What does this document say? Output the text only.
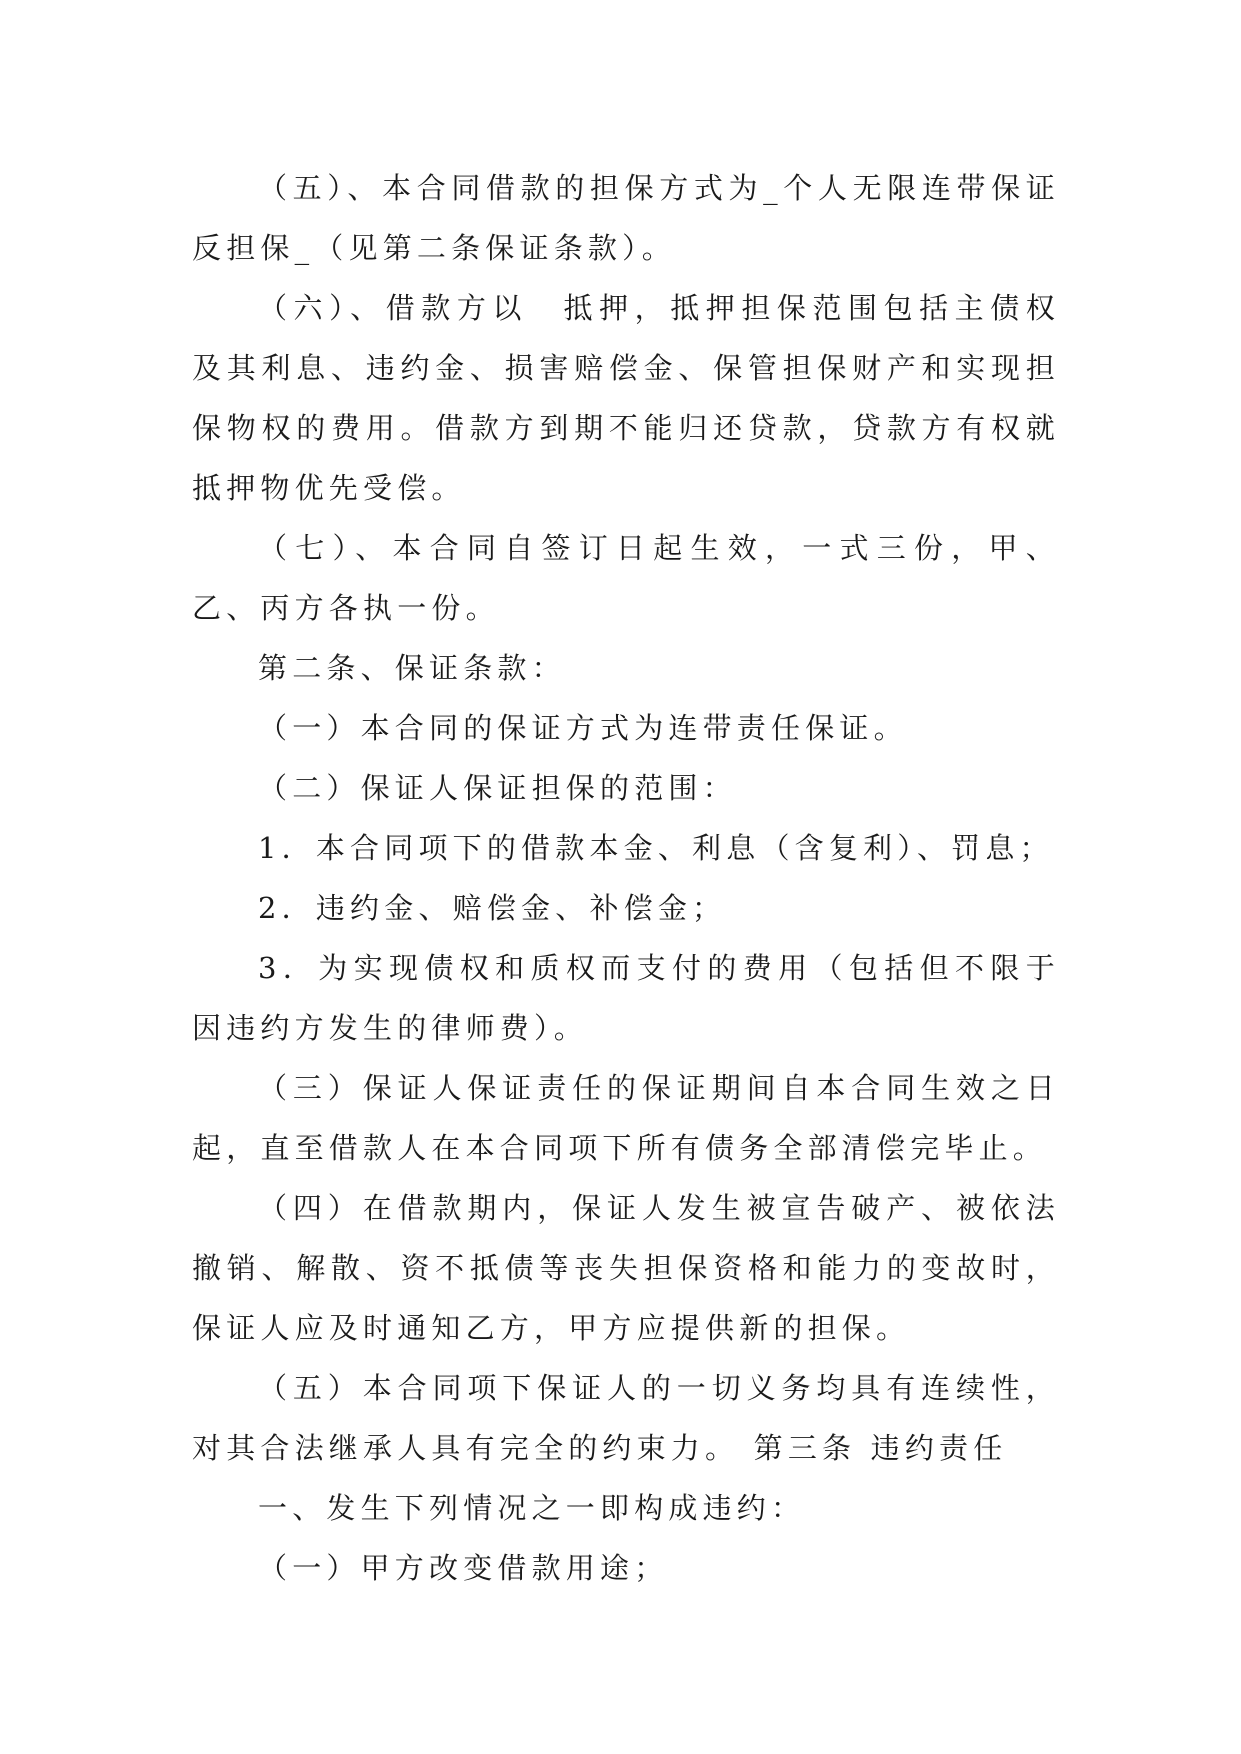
（五）、本合同借款的担保方式为_个人无限连带保证反担保_（见第二条保证条款）。

（六）、借款方以　抵押，抵押担保范围包括主债权及其利息、违约金、损害赔偿金、保管担保财产和实现担保物权的费用。借款方到期不能归还贷款，贷款方有权就抵押物优先受偿。

（七）、本合同自签订日起生效，一式三份，甲、乙、丙方各执一份。

第二条、保证条款：

（一）本合同的保证方式为连带责任保证。

（二）保证人保证担保的范围：

1．本合同项下的借款本金、利息（含复利）、罚息；

2．违约金、赔偿金、补偿金；

3．为实现债权和质权而支付的费用（包括但不限于因违约方发生的律师费）。

（三）保证人保证责任的保证期间自本合同生效之日起，直至借款人在本合同项下所有债务全部清偿完毕止。

（四）在借款期内，保证人发生被宣告破产、被依法撤销、解散、资不抵债等丧失担保资格和能力的变故时，保证人应及时通知乙方，甲方应提供新的担保。

（五）本合同项下保证人的一切义务均具有连续性，对其合法继承人具有完全的约束力。 第三条 违约责任

一、发生下列情况之一即构成违约：

（一）甲方改变借款用途；
